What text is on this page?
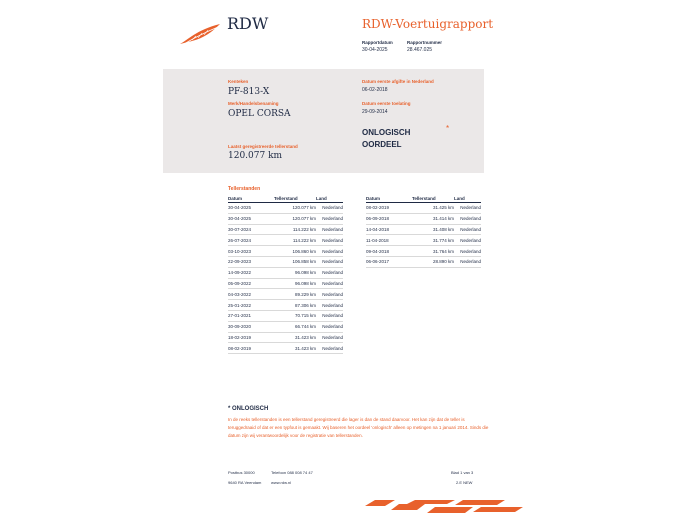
RDW	RDW-Voertuigrapport
Rapportdatum
30-04-2025
Rapportnummer
28.467.025
Kenteken
PF-813-X
Merk/Handelsbenaming
OPEL CORSA
Laatst geregistreerde tellerstand
120.077 km
Datum eerste afgifte in Nederland
06-02-2018
Datum eerste toelating
29-09-2014
ONLOGISCH
OORDEEL
*
Tellerstanden
Datum	Tellerstand	Land
30-04-2025	120.077 km	Nederland
30-04-2025	120.077 km	Nederland
30-07-2024	114.222 km	Nederland
26-07-2024	114.222 km	Nederland
03-10-2023	106.860 km	Nederland
22-09-2023	106.858 km	Nederland
14-09-2022	96.098 km	Nederland
05-09-2022	96.098 km	Nederland
04-03-2022	89.229 km	Nederland
25-01-2022	87.306 km	Nederland
27-01-2021	70.715 km	Nederland
30-09-2020	66.744 km	Nederland
18-02-2019	31.423 km	Nederland
08-02-2019	31.423 km	Nederland
Datum	Tellerstand	Land
08-02-2019	31.425 km	Nederland
06-09-2018	31.414 km	Nederland
14-04-2018	31.408 km	Nederland
11-04-2018	31.774 km	Nederland
09-04-2018	31.764 km	Nederland
06-06-2017	28.890 km	Nederland
* ONLOGISCH
In de reeks tellerstanden is een tellerstand geregistreerd die lager is dan de stand daarvoor. Het kan zijn dat de teller is teruggedraaid of dat er een typfout is gemaakt. Wij baseren het oordeel 'onlogisch' alleen op metingen na 1 januari 2014. Sinds die datum zijn wij verantwoordelijk voor de registratie van tellerstanden.
Postbus 30000	Telefoon 088 008 74 47	Blad 1 van 3
9640 RA Veendam www.rdw.nl	2.E NEW
